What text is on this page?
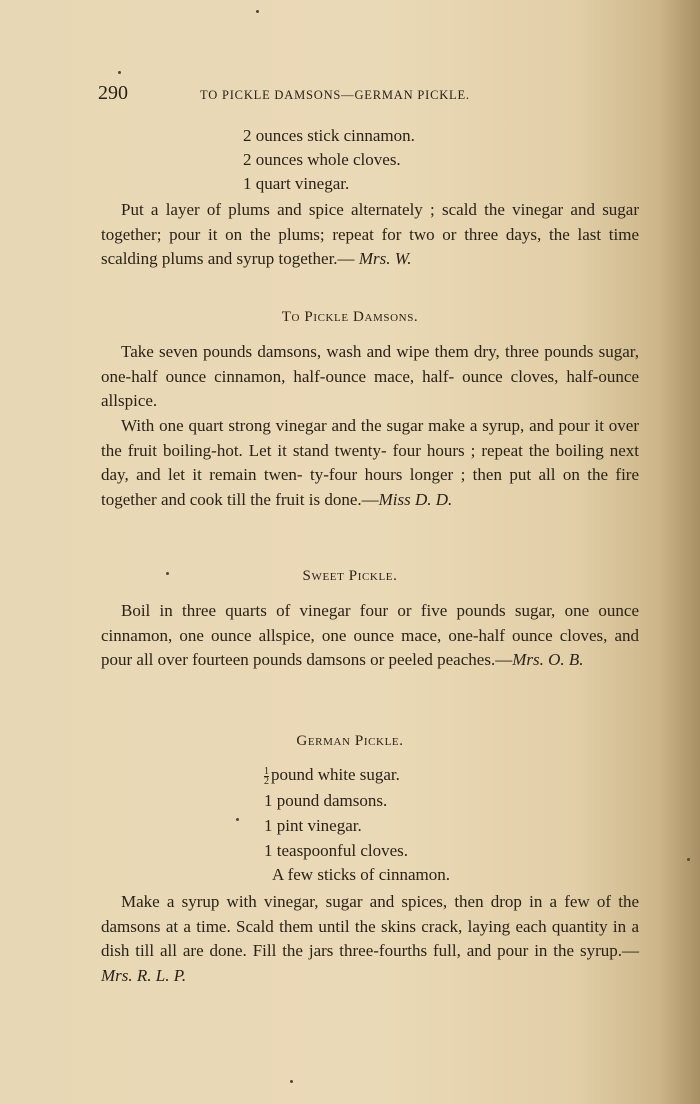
290	TO PICKLE DAMSONS—GERMAN PICKLE.
2 ounces stick cinnamon.
2 ounces whole cloves.
1 quart vinegar.
Put a layer of plums and spice alternately ; scald the vinegar and sugar together; pour it on the plums; repeat for two or three days, the last time scalding plums and syrup together.— Mrs. W.
To Pickle Damsons.
Take seven pounds damsons, wash and wipe them dry, three pounds sugar, one-half ounce cinnamon, half-ounce mace, half- ounce cloves, half-ounce allspice.
With one quart strong vinegar and the sugar make a syrup, and pour it over the fruit boiling-hot. Let it stand twenty- four hours ; repeat the boiling next day, and let it remain twen- ty-four hours longer ; then put all on the fire together and cook till the fruit is done.—Miss D. D.
Sweet Pickle.
Boil in three quarts of vinegar four or five pounds sugar, one ounce cinnamon, one ounce allspice, one ounce mace, one-half ounce cloves, and pour all over fourteen pounds damsons or peeled peaches.—Mrs. O. B.
German Pickle.
$\frac{1}{2}$ pound white sugar.
1 pound damsons.
1 pint vinegar.
1 teaspoonful cloves.
A few sticks of cinnamon.
Make a syrup with vinegar, sugar and spices, then drop in a few of the damsons at a time. Scald them until the skins crack, laying each quantity in a dish till all are done. Fill the jars three-fourths full, and pour in the syrup.—Mrs. R. L. P.
